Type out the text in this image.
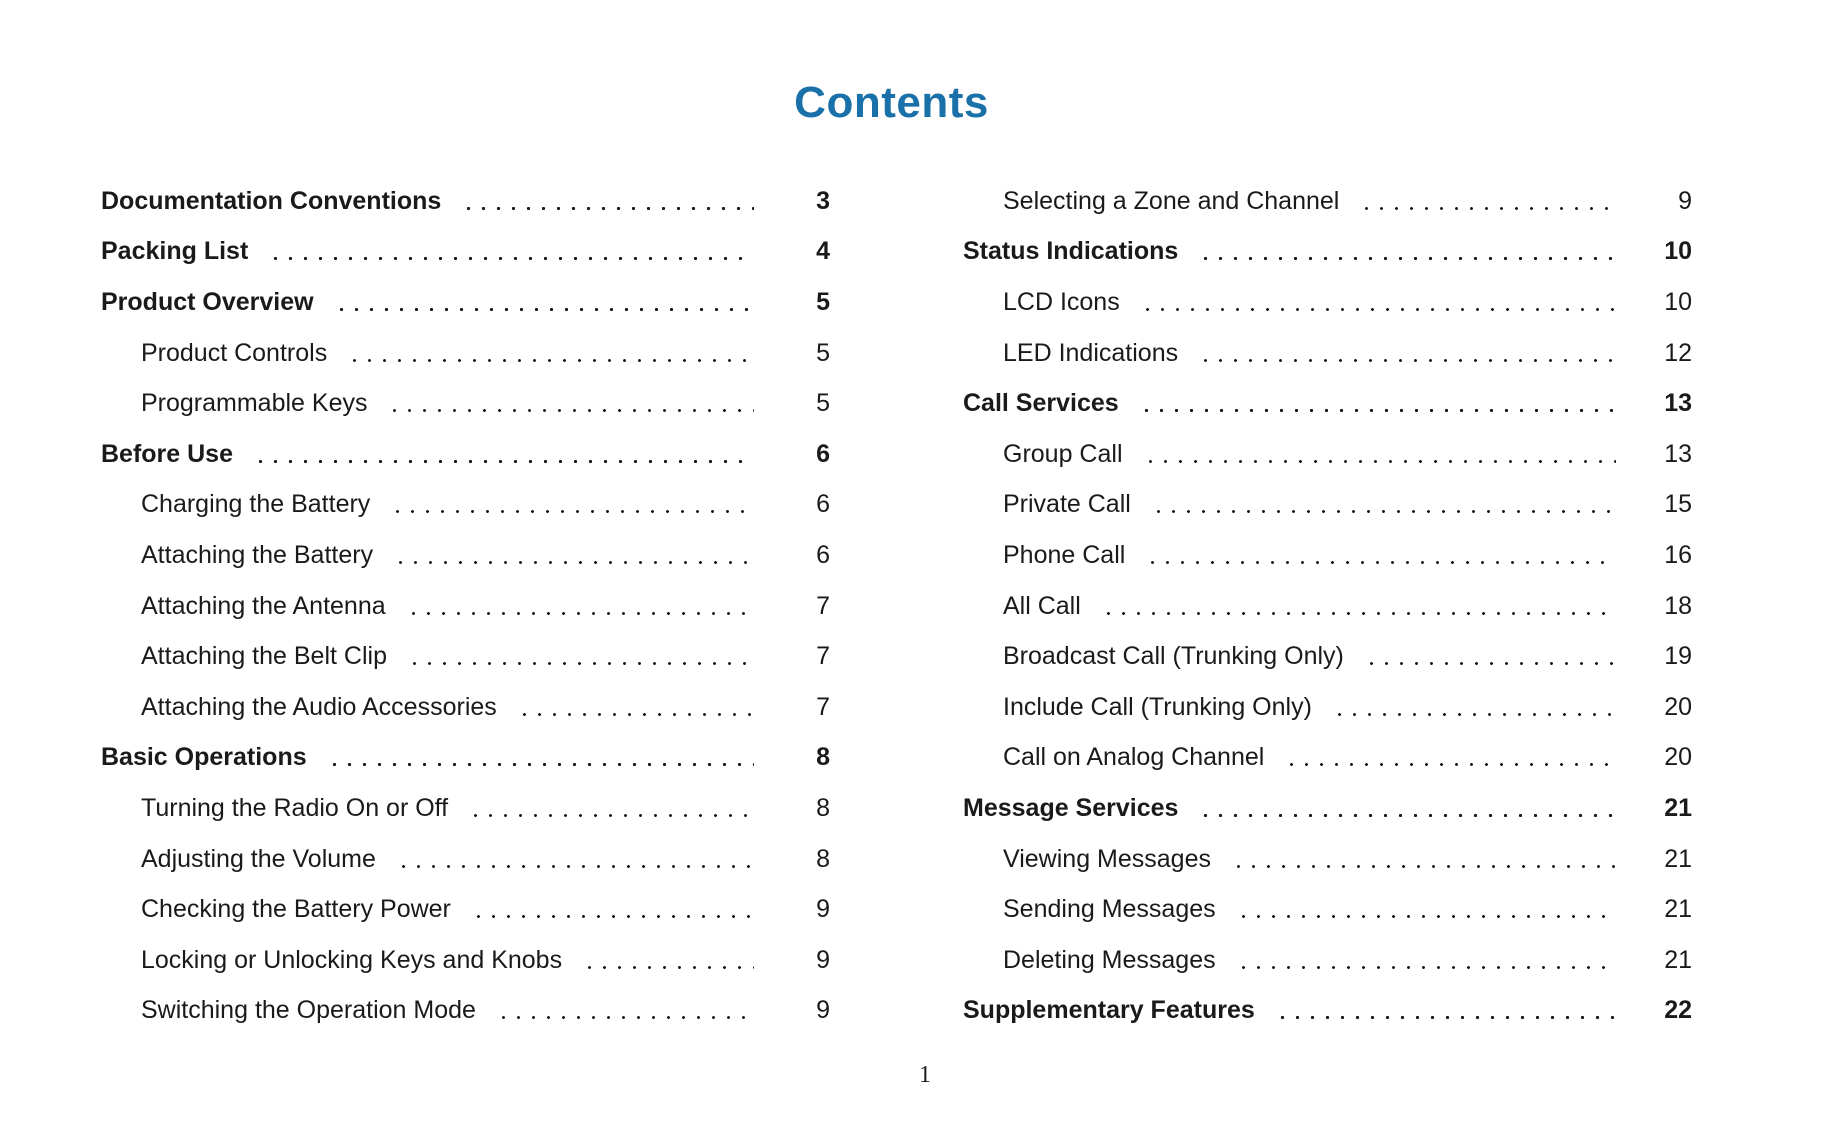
Contents
Documentation Conventions	3
Packing List	4
Product Overview	5
Product Controls	5
Programmable Keys	5
Before Use	6
Charging the Battery	6
Attaching the Battery	6
Attaching the Antenna	7
Attaching the Belt Clip	7
Attaching the Audio Accessories	7
Basic Operations	8
Turning the Radio On or Off	8
Adjusting the Volume	8
Checking the Battery Power	9
Locking or Unlocking Keys and Knobs	9
Switching the Operation Mode	9
Selecting a Zone and Channel	9
Status Indications	10
LCD Icons	10
LED Indications	12
Call Services	13
Group Call	13
Private Call	15
Phone Call	16
All Call	18
Broadcast Call (Trunking Only)	19
Include Call (Trunking Only)	20
Call on Analog Channel	20
Message Services	21
Viewing Messages	21
Sending Messages	21
Deleting Messages	21
Supplementary Features	22
1
